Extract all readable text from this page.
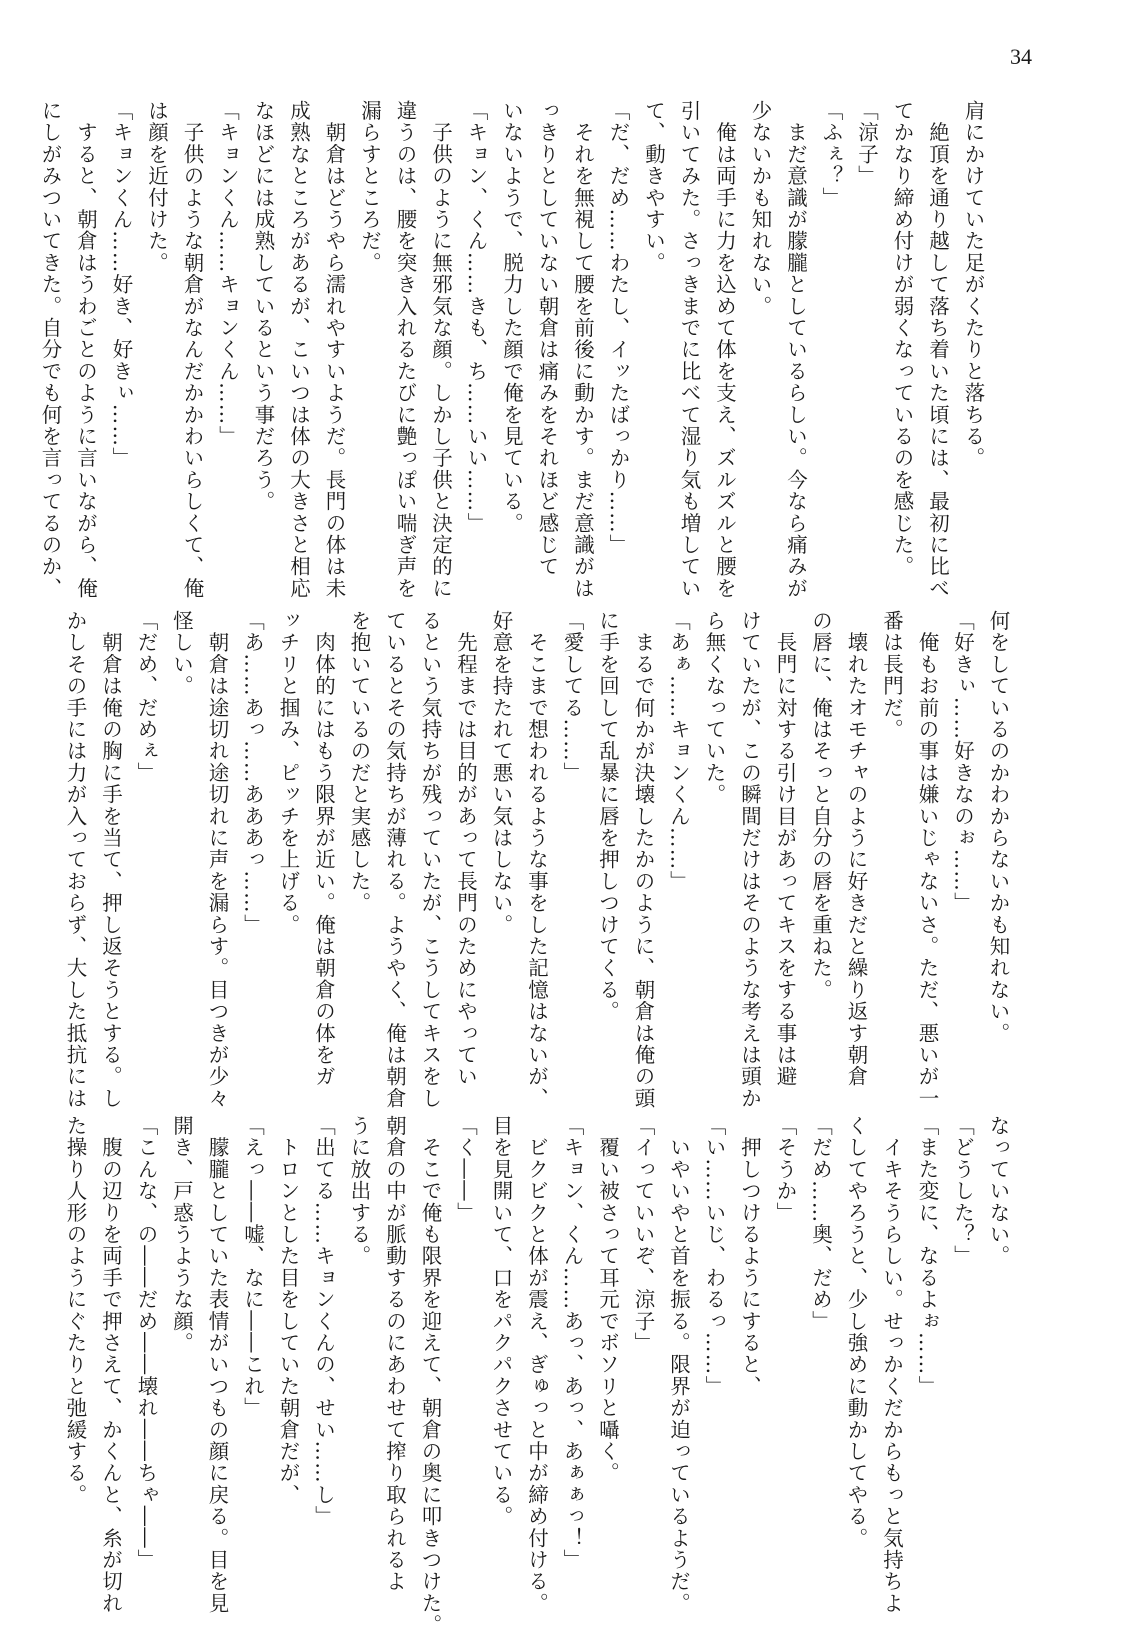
34

肩にかけていた足がくたりと落ちる。

　絶頂を通り越して落ち着いた頃には、最初に比べ

てかなり締め付けが弱くなっているのを感じた。

「涼子」

「ふぇ？」

　まだ意識が朦朧としているらしい。今なら痛みが

少ないかも知れない。

　俺は両手に力を込めて体を支え、ズルズルと腰を

引いてみた。さっきまでに比べて湿り気も増してい

て、動きやすい。

「だ、だめ……わたし、イッたばっかり……」

　それを無視して腰を前後に動かす。まだ意識がは

っきりとしていない朝倉は痛みをそれほど感じて

いないようで、脱力した顔で俺を見ている。

「キョン、くん……きも、ち……いい……」

　子供のように無邪気な顔。しかし子供と決定的に

違うのは、腰を突き入れるたびに艶っぽい喘ぎ声を

漏らすところだ。

　朝倉はどうやら濡れやすいようだ。長門の体は未

成熟なところがあるが、こいつは体の大きさと相応

なほどには成熟しているという事だろう。

「キョンくん……キョンくん……」

　子供のような朝倉がなんだかかわいらしくて、俺

は顔を近付けた。

「キョンくん……好き、好きぃ……」

　すると、朝倉はうわごとのように言いながら、俺

にしがみついてきた。自分でも何を言ってるのか、

何をしているのかわからないかも知れない。

「好きぃ……好きなのぉ……」

　俺もお前の事は嫌いじゃないさ。ただ、悪いが一

番は長門だ。

　壊れたオモチャのように好きだと繰り返す朝倉

の唇に、俺はそっと自分の唇を重ねた。

　長門に対する引け目があってキスをする事は避

けていたが、この瞬間だけはそのような考えは頭か

ら無くなっていた。

「あぁ……キョンくん……」

　まるで何かが決壊したかのように、朝倉は俺の頭

に手を回して乱暴に唇を押しつけてくる。

「愛してる……」

　そこまで想われるような事をした記憶はないが、

好意を持たれて悪い気はしない。

　先程までは目的があって長門のためにやってい

るという気持ちが残っていたが、こうしてキスをし

ているとその気持ちが薄れる。ようやく、俺は朝倉

を抱いているのだと実感した。

　肉体的にはもう限界が近い。俺は朝倉の体をガ

ッチリと掴み、ピッチを上げる。

「あ……あっ……あああっ……」

　朝倉は途切れ途切れに声を漏らす。目つきが少々

怪しい。

「だめ、だめぇ」

　朝倉は俺の胸に手を当て、押し返そうとする。し

かしその手には力が入っておらず、大した抵抗には

なっていない。

「どうした？」

「また変に、なるよぉ……」

　イキそうらしい。せっかくだからもっと気持ちよ

くしてやろうと、少し強めに動かしてやる。

「だめ……奥、だめ」

「そうか」

　押しつけるようにすると、

「い……いじ、わるっ……」

　いやいやと首を振る。限界が迫っているようだ。

「イっていいぞ、涼子」

　覆い被さって耳元でボソリと囁く。

「キョン、くん……あっ、あっ、あぁぁっ！」

　ビクビクと体が震え、ぎゅっと中が締め付ける。

目を見開いて、口をパクパクさせている。

「く――」

　そこで俺も限界を迎えて、朝倉の奥に叩きつけた。

朝倉の中が脈動するのにあわせて搾り取られるよ

うに放出する。

「出てる……キョンくんの、せい……し」

　トロンとした目をしていた朝倉だが、

「えっ――嘘、なに――これ」

　朦朧としていた表情がいつもの顔に戻る。目を見

開き、戸惑うような顔。

「こんな、の――だめ――壊れ――ちゃ――」

　腹の辺りを両手で押さえて、かくんと、糸が切れ

た操り人形のようにぐたりと弛緩する。
